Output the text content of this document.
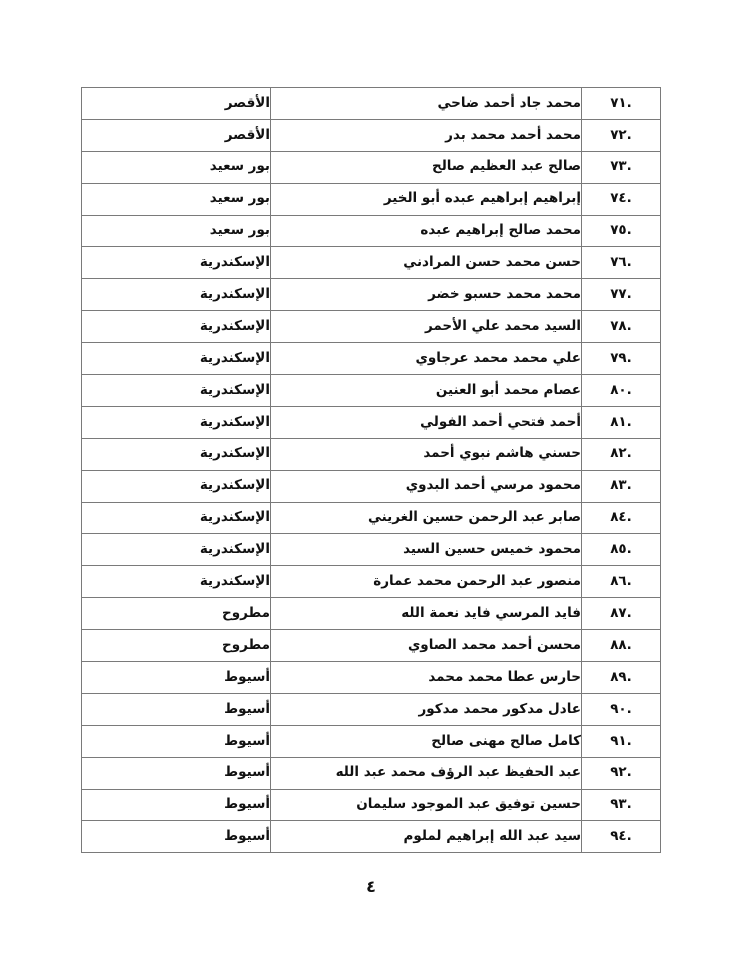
.٧١	محمد جاد أحمد ضاحي	الأقصر
.٧٢	محمد أحمد محمد بدر	الأقصر
.٧٣	صالح عبد العظيم صالح	بور سعيد
.٧٤	إبراهيم إبراهيم عبده أبو الخير	بور سعيد
.٧٥	محمد صالح إبراهيم عبده	بور سعيد
.٧٦	حسن محمد حسن المرادني	الإسكندرية
.٧٧	محمد محمد حسبو خضر	الإسكندرية
.٧٨	السيد محمد علي الأحمر	الإسكندرية
.٧٩	علي محمد محمد عرجاوي	الإسكندرية
.٨٠	عصام محمد أبو العنين	الإسكندرية
.٨١	أحمد فتحي أحمد الفولي	الإسكندرية
.٨٢	حسني هاشم نبوي أحمد	الإسكندرية
.٨٣	محمود مرسي أحمد البدوي	الإسكندرية
.٨٤	صابر عبد الرحمن حسين الغريني	الإسكندرية
.٨٥	محمود خميس حسين السيد	الإسكندرية
.٨٦	منصور عبد الرحمن محمد عمارة	الإسكندرية
.٨٧	فايد المرسي فايد نعمة الله	مطروح
.٨٨	محسن أحمد محمد الصاوي	مطروح
.٨٩	حارس عطا محمد محمد	أسيوط
.٩٠	عادل مدكور محمد مدكور	أسيوط
.٩١	كامل صالح مهنى صالح	أسيوط
.٩٢	عبد الحفيظ عبد الرؤف محمد عبد الله	أسيوط
.٩٣	حسين توفيق عبد الموجود سليمان	أسيوط
.٩٤	سيد عبد الله إبراهيم لملوم	أسيوط
٤
